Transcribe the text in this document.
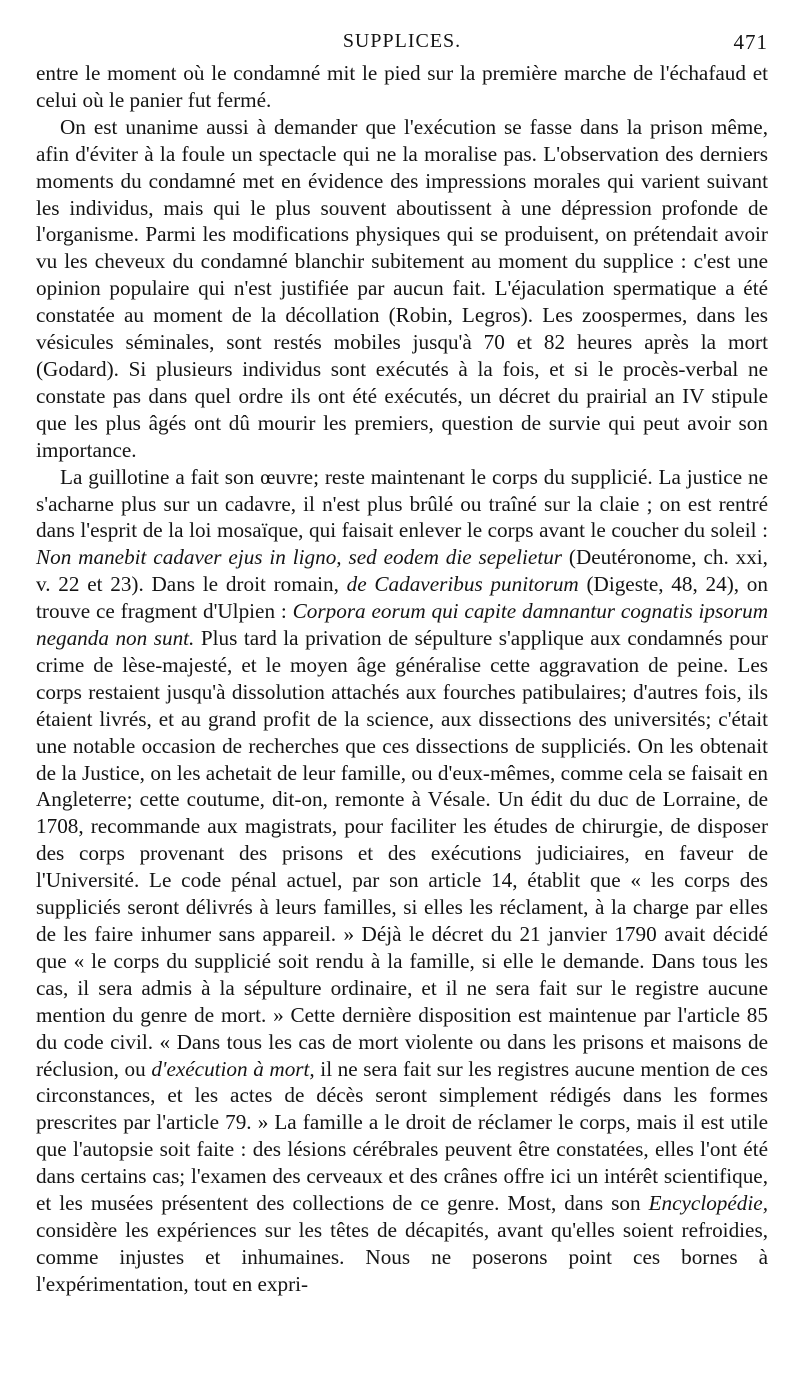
SUPPLICES.	471

entre le moment où le condamné mit le pied sur la première marche de l'échafaud et celui où le panier fut fermé.

On est unanime aussi à demander que l'exécution se fasse dans la prison même, afin d'éviter à la foule un spectacle qui ne la moralise pas. L'observation des derniers moments du condamné met en évidence des impressions morales qui varient suivant les individus, mais qui le plus souvent aboutissent à une dépression profonde de l'organisme. Parmi les modifications physiques qui se produisent, on prétendait avoir vu les cheveux du condamné blanchir subitement au moment du supplice : c'est une opinion populaire qui n'est justifiée par aucun fait. L'éjaculation spermatique a été constatée au moment de la décollation (Robin, Legros). Les zoospermes, dans les vésicules séminales, sont restés mobiles jusqu'à 70 et 82 heures après la mort (Godard). Si plusieurs individus sont exécutés à la fois, et si le procès-verbal ne constate pas dans quel ordre ils ont été exécutés, un décret du prairial an IV stipule que les plus âgés ont dû mourir les premiers, question de survie qui peut avoir son importance.

La guillotine a fait son œuvre; reste maintenant le corps du supplicié. La justice ne s'acharne plus sur un cadavre, il n'est plus brûlé ou traîné sur la claie ; on est rentré dans l'esprit de la loi mosaïque, qui faisait enlever le corps avant le coucher du soleil : Non manebit cadaver ejus in ligno, sed eodem die sepelietur (Deutéronome, ch. xxi, v. 22 et 23). Dans le droit romain, de Cadaveribus punitorum (Digeste, 48, 24), on trouve ce fragment d'Ulpien : Corpora eorum qui capite damnantur cognatis ipsorum neganda non sunt. Plus tard la privation de sépulture s'applique aux condamnés pour crime de lèse-majesté, et le moyen âge généralise cette aggravation de peine. Les corps restaient jusqu'à dissolution attachés aux fourches patibulaires; d'autres fois, ils étaient livrés, et au grand profit de la science, aux dissections des universités; c'était une notable occasion de recherches que ces dissections de suppliciés. On les obtenait de la Justice, on les achetait de leur famille, ou d'eux-mêmes, comme cela se faisait en Angleterre; cette coutume, dit-on, remonte à Vésale. Un édit du duc de Lorraine, de 1708, recommande aux magistrats, pour faciliter les études de chirurgie, de disposer des corps provenant des prisons et des exécutions judiciaires, en faveur de l'Université. Le code pénal actuel, par son article 14, établit que « les corps des suppliciés seront délivrés à leurs familles, si elles les réclament, à la charge par elles de les faire inhumer sans appareil. » Déjà le décret du 21 janvier 1790 avait décidé que « le corps du supplicié soit rendu à la famille, si elle le demande. Dans tous les cas, il sera admis à la sépulture ordinaire, et il ne sera fait sur le registre aucune mention du genre de mort. » Cette dernière disposition est maintenue par l'article 85 du code civil. « Dans tous les cas de mort violente ou dans les prisons et maisons de réclusion, ou d'exécution à mort, il ne sera fait sur les registres aucune mention de ces circonstances, et les actes de décès seront simplement rédigés dans les formes prescrites par l'article 79. » La famille a le droit de réclamer le corps, mais il est utile que l'autopsie soit faite : des lésions cérébrales peuvent être constatées, elles l'ont été dans certains cas; l'examen des cerveaux et des crânes offre ici un intérêt scientifique, et les musées présentent des collections de ce genre. Most, dans son Encyclopédie, considère les expériences sur les têtes de décapités, avant qu'elles soient refroidies, comme injustes et inhumaines. Nous ne poserons point ces bornes à l'expérimentation, tout en expri-
